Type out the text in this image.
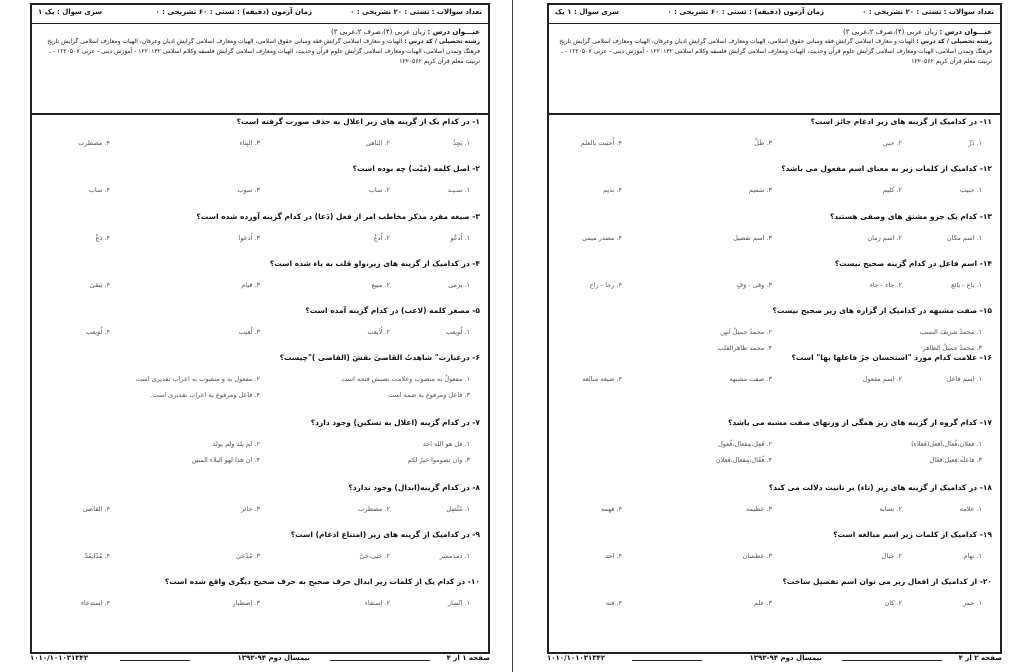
تعداد سوالات : تستی : ۲۰ تشریحی : ۰
زمان آزمون (دقیقه) : تستی : ۶۰ تشریحی : ۰
سری سوال : یک ۱
عنـــوان درس : زبان عربی (۴)،صرف ۲،عربی ۲)
رشته تحصیلی / کد درس : الهیات و معارف اسلامی گرایش فقه ومبانی حقوق اسلامی، الهیات ومعارف اسلامی گرایش ادیان وعرفان، الهیات ومعارف اسلامی گرایش تاریخ فرهنگ وتمدن اسلامی، الهیات ومعارف اسلامی گرایش علوم قرآن وحدیث، الهیات ومعارف اسلامی گرایش فلسفه وکلام اسلامی ۱۲۲۰۱۳۲ - آموزش دینی - عربی ۱۲۲۰۵۰۷ - ، تربیت معلم قرآن کریم ۱۲۲۰۵۶۲
۱- در کدام یک از گزینه های زیر اعلال به حذف صورت گرفته است؟
۱. یَجِدُ
۲. الناهی
۳. البِنا‌ء
۴. مصطرب
۲- اصل کلمه (مَیْت) چه بوده است؟
۱. سـیـد
۲. ساب
۳. سوب
۴. ساب
۳- صیغه مفرد مذکر مخاطب امر از فعل (دَعا) در کدام گزینه آورده شده است؟
۱. اُدعُو
۲. اُدعُ
۳. اُدعوا
۴. دَعْ
۴- در کدامیک از گزینه های زیر،واو قلب به یاء شده است؟
۱. یرمی
۲. مبیع
۳. قیام
۴. یَبقیٰ
۵- مصغر کلمه (لاعب) در کدام گزینه آمده است؟
۱. لُویعب
۲. لُاَیعب
۳. لُعیب
۴. لُوَیعب
۶- درعبارت" شاهدتُ القاضیَ نقشَ (القاضی )"چیست؟
۱. مفعولٌ به منصوب وعلامت نصبش فتحه است
۲. مفعول به و منصوب به اعراب تقدیری است
۳. فاعل ومرفوع به ضمه است
۴. فاعل ومرفوع به اعراب تقدیری است.
۷- در کدام گزینه (اعلال به تسکین) وجود دارد؟
۱. قل هو الله احد
۲. لم یلد ولم یولد
۳. وان تصوموا خیرٌ لکم
۴. ان هذا لهو البلاء المبین
۸- در کدام گزینه(ابدال) وجود ندارد؟
۱. مُتَّصِل
۲. مضطرب
۳. جائر
۴. القاضی
۹- در کدامیک از گزینه های زیر (امتناع ادغام) است؟
۱. دمدمشر
۲. حیی،حَیَّ
۳. مُدّعیٰ
۴. مُدّانِمُدّ
۱۰- در کدام یک از کلمات زیر ابدال حرف صحیح به حرف صحیح دیگری واقع شده است؟
۱. اِتّسار
۲. اِستقاء
۳. اِصطبار
۴. استدعاء
صفحه ۱ از ۴
نیمسال دوم ۹۴-۱۳۹۳
۱۰۱۰/۱۰۱۰۳۱۳۴۲
تعداد سوالات : تستی : ۲۰ تشریحی : ۰
زمان آزمون (دقیقه) : تستی : ۶۰ تشریحی : ۰
سری سوال : ۱ یک
عنـــوان درس : زبان عربی (۴)،صرف ۲،عربی ۲)
رشته تحصیلی / کد درس : الهیات و معارف اسلامی گرایش فقه ومبانی حقوق اسلامی، الهیات ومعارف اسلامی گرایش ادیان وعرفان، الهیات ومعارف اسلامی گرایش تاریخ فرهنگ وتمدن اسلامی، الهیات ومعارف اسلامی گرایش علوم قرآن وحدیث، الهیات ومعارف اسلامی گرایش فلسفه وکلام اسلامی ۱۲۲۰۱۳۲ - آموزش دینی - عربی ۱۲۲۰۵۰۷ - ، تربیت معلم قرآن کریم ۱۲۲۰۵۶۲
۱۱- در کدامیک از گزینه های زیر ادغام جائز است؟
۱. ذَرِّ
۲. حیی
۳. طَلِّ
۴. اُحببت بالعلم
۱۲- کدامیک از کلمات زیر به معنای اسم مفعول می باشد؟
۱. حبیب
۲. کلیم
۳. سَمیم
۴. ندیم
۱۳- کدام یک جزو مشتق های وصفی هستند؟
۱. اسم مکان
۲. اسم زمان
۳. اسم تفضیل
۴. مصدر میمی
۱۴- اسم فاعل در کدام گزینه صحیح نیست؟
۱. باع - بائع
۲. جاء - جاء
۳. وفی - وَفٍ
۴. رجا - راج
۱۵- صفت مشبهه در کدامیک از گزاره های زیر صحیح نیست؟
۱. محمدٌ شریفَ النسب
۲. محمدٌ جمیلٌ اَبیِن
۳. محمدٌ جمیلُ الظاهر
۴. محمد طاهرالقلب
۱۶- علامت کدام مورد "استحسان جزَ فاعلها بها" است؟
۱. اسم فاعل
۲. اسم مفعول
۳. صفت مشبهه
۴. صیغه مبالغه
۱۷- کدام گروه از گزینه های زیر همگی از وزنهای صفت مشبه می باشد؟
۱. فعلان،فُعال،اَفعل(فَعلاء)
۲. فَعِل،مِفعال،فُعول
۳. فاعله،فِعیل،فعّال
۴. فُعّال،مِفعال،فَعلان
۱۸- در کدامیک از گزینه های زیر (تاء) بر تانیث دلالت می کند؟
۱. علامه
۲. نسابه
۳. عظیمه
۴. فهمه
۱۹- کدامیک از کلمات زیر اسم مبالغه است؟
۱. نهام
۲. جبال
۳. عطشان
۴. احد
۲۰- از کدامیک از افعال زیر می توان اسم تفضیل ساخت؟
۱. حمر
۲. کان
۳. علم
۴. فنه
صفحه ۲ از ۴
نیمسال دوم ۹۴-۱۳۹۳
۱۰۱۰/۱۰۱۰۳۱۳۴۲
